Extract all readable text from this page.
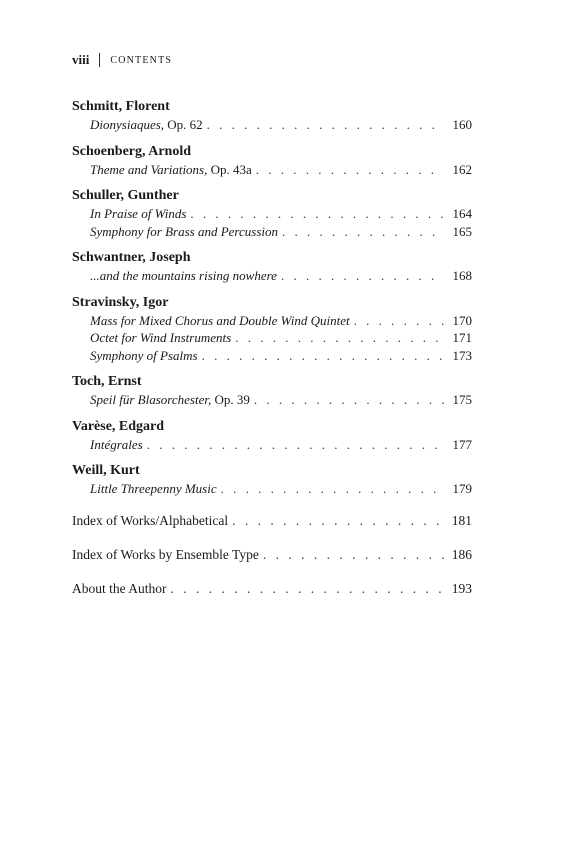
viii CONTENTS
Schmitt, Florent
Dionysiaques, Op. 62 . . .	160
Schoenberg, Arnold
Theme and Variations, Op. 43a . . .	162
Schuller, Gunther
In Praise of Winds . . .	164
Symphony for Brass and Percussion . . .	165
Schwantner, Joseph
...and the mountains rising nowhere . . .	168
Stravinsky, Igor
Mass for Mixed Chorus and Double Wind Quintet . . .	170
Octet for Wind Instruments . . .	171
Symphony of Psalms . . .	173
Toch, Ernst
Speil für Blasorchester, Op. 39 . . .	175
Varèse, Edgard
Intégrales . . .	177
Weill, Kurt
Little Threepenny Music . . .	179
Index of Works/Alphabetical . . .	181
Index of Works by Ensemble Type . . .	186
About the Author . . .	193
